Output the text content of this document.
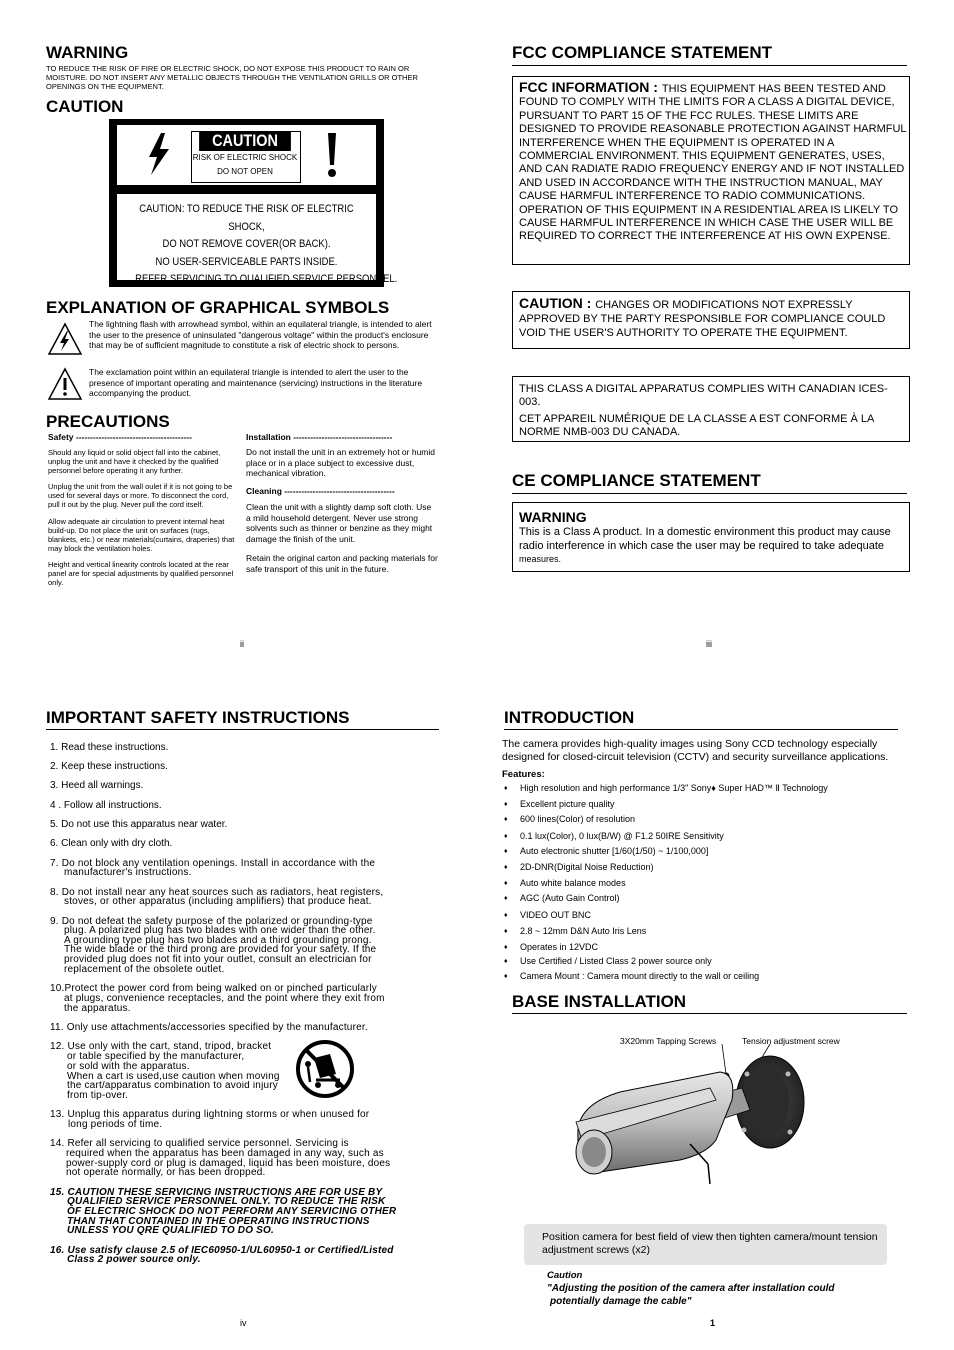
WARNING
TO REDUCE THE RISK OF FIRE OR ELECTRIC SHOCK, DO NOT EXPOSE THIS PRODUCT TO RAIN OR MOISTURE. DO NOT INSERT ANY METALLIC OBJECTS THROUGH THE VENTILATION GRILLS OR OTHER OPENINGS ON THE EQUIPMENT.
CAUTION
CAUTION
RISK OF ELECTRIC SHOCK
DO NOT OPEN
CAUTION: TO REDUCE THE RISK OF ELECTRIC SHOCK,
DO NOT REMOVE COVER(OR BACK).
NO USER-SERVICEABLE PARTS INSIDE.
REFER SERVICING TO QUALIFIED SERVICE PERSONNEL.
EXPLANATION OF GRAPHICAL SYMBOLS
The lightning flash with arrowhead symbol, within an equilateral triangle, is intended to alert the user to the presence of uninsulated "dangerous voltage" within the product's enclosure that may be of sufficient magnitude to constitute a risk of electric shock to persons.
The exclamation point within an equilateral triangle is intended to alert the user to the presence of important operating and maintenance (servicing) instructions in the literature accompanying the product.
PRECAUTIONS
Safety -----------------------------------------
Should any liquid or solid object fall into the cabinet, unplug the unit and have it checked by the qualified personnel before operating it any further.
Unplug the unit from the wall oulet if it is not going to be used for several days or more. To disconnect the cord, pull it out by the plug. Never pull the cord itself.
Allow adequate air circulation to prevent internal heat build-up. Do not place the unit on surfaces (rugs, blankets, etc.) or near materials(curtains, draperies) that may block the ventilation holes.
Height and vertical linearity controls located at the rear panel are for special adjustments by qualified personnel only.
Installation -----------------------------------
Do not install the unit in an extremely hot or humid place or in a place subject to excessive dust, mechanical vibration.
Cleaning ---------------------------------------
Clean the unit with a slightly damp soft cloth. Use a mild household detergent. Never use strong solvents such as thinner or benzine as they might damage the finish of the unit.
Retain the original carton and packing materials for safe transport of this unit in the future.
ii
FCC COMPLIANCE STATEMENT
FCC INFORMATION : THIS EQUIPMENT HAS BEEN TESTED AND FOUND TO COMPLY WITH THE LIMITS FOR A CLASS A DIGITAL DEVICE, PURSUANT TO PART 15 OF THE FCC RULES. THESE LIMITS ARE DESIGNED TO PROVIDE REASONABLE PROTECTION AGAINST HARMFUL INTERFERENCE WHEN THE EQUIPMENT IS OPERATED IN A COMMERCIAL ENVIRONMENT. THIS EQUIPMENT GENERATES, USES, AND CAN RADIATE RADIO FREQUENCY ENERGY AND IF NOT INSTALLED AND USED IN ACCORDANCE WITH THE INSTRUCTION MANUAL, MAY CAUSE HARMFUL INTERFERENCE TO RADIO COMMUNICATIONS. OPERATION OF THIS EQUIPMENT IN A RESIDENTIAL AREA IS LIKELY TO CAUSE HARMFUL INTERFERENCE IN WHICH CASE THE USER WILL BE REQUIRED TO CORRECT THE INTERFERENCE AT HIS OWN EXPENSE.
CAUTION : CHANGES OR MODIFICATIONS NOT EXPRESSLY APPROVED BY THE PARTY RESPONSIBLE FOR COMPLIANCE COULD VOID THE USER'S AUTHORITY TO OPERATE THE EQUIPMENT.
THIS CLASS A DIGITAL APPARATUS COMPLIES WITH CANADIAN ICES-003.
CET APPAREIL NUMÉRIQUE DE LA CLASSE A EST CONFORME À LA NORME NMB-003 DU CANADA.
CE COMPLIANCE STATEMENT
WARNING
This is a Class A product. In a domestic environment this product may cause radio interference in which case the user may be required to take adequate measures.
iii
IMPORTANT SAFETY INSTRUCTIONS
1. Read these instructions.
2. Keep these instructions.
3. Heed all warnings.
4 . Follow all instructions.
5. Do not use this apparatus near water.
6. Clean only with dry cloth.
7. Do not block any ventilation openings. Install in accordance with the
manufacturer's instructions.
8. Do not install near any heat sources such as radiators, heat registers,
stoves, or other apparatus (including amplifiers) that produce heat.
9. Do not defeat the safety purpose of the polarized or grounding-type
plug. A polarized plug has two blades with one wider than the other.
A grounding type plug has two blades and a third grounding prong.
The wide blade or the third prong are provided for your safety. If the
provided plug does not fit into your outlet, consult an electrician for
replacement of the obsolete outlet.
10.Protect the power cord from being walked on or pinched particularly
at plugs, convenience receptacles, and the point where they exit from
the apparatus.
11. Only use attachments/accessories specified by the manufacturer.
12. Use only with the cart, stand, tripod, bracket
or table specified by the manufacturer,
or sold with the apparatus.
When a cart is used,use caution when moving
the cart/apparatus combination to avoid injury
from tip-over.
13. Unplug this apparatus during lightning storms or when unused for
long periods of time.
14. Refer all servicing to qualified service personnel. Servicing is
required when the apparatus has been damaged in any way, such as
power-supply cord or plug is damaged, liquid has been moisture, does
not operate normally, or has been dropped.
15. CAUTION THESE SERVICING INSTRUCTIONS ARE FOR USE BY
QUALIFIED SERVICE PERSONNEL ONLY. TO REDUCE THE RISK
OF ELECTRIC SHOCK DO NOT PERFORM ANY SERVICING OTHER
THAN THAT CONTAINED IN THE OPERATING INSTRUCTIONS
UNLESS YOU QRE QUALIFIED TO DO SO.
16. Use satisfy clause 2.5 of IEC60950-1/UL60950-1 or Certified/Listed
Class 2 power source only.
iv
INTRODUCTION
The camera provides high-quality images using Sony CCD technology especially designed for closed-circuit television (CCTV) and security surveillance applications.
Features:
♦ High resolution and high performance 1/3" Sony♦ Super HAD™ Ⅱ Technology
♦ Excellent picture quality
♦ 600 lines(Color) of resolution
♦ 0.1 lux(Color), 0 lux(B/W) @ F1.2 50IRE Sensitivity
♦ Auto electronic shutter [1/60(1/50) ~ 1/100,000]
♦ 2D-DNR(Digital Noise Reduction)
♦ Auto white balance modes
♦ AGC (Auto Gain Control)
♦ VIDEO OUT BNC
♦ 2.8 ~ 12mm D&N Auto Iris Lens
♦ Operates in 12VDC
♦ Use Certified / Listed Class 2 power source only
♦ Camera Mount : Camera mount directly to the wall or ceiling
BASE INSTALLATION
3X20mm Tapping Screws	Tension adjustment screw
Position camera for best field of view then tighten camera/mount tension adjustment screws (x2)
Caution
"Adjusting the position of the camera after installation could
potentially damage the cable"
1
